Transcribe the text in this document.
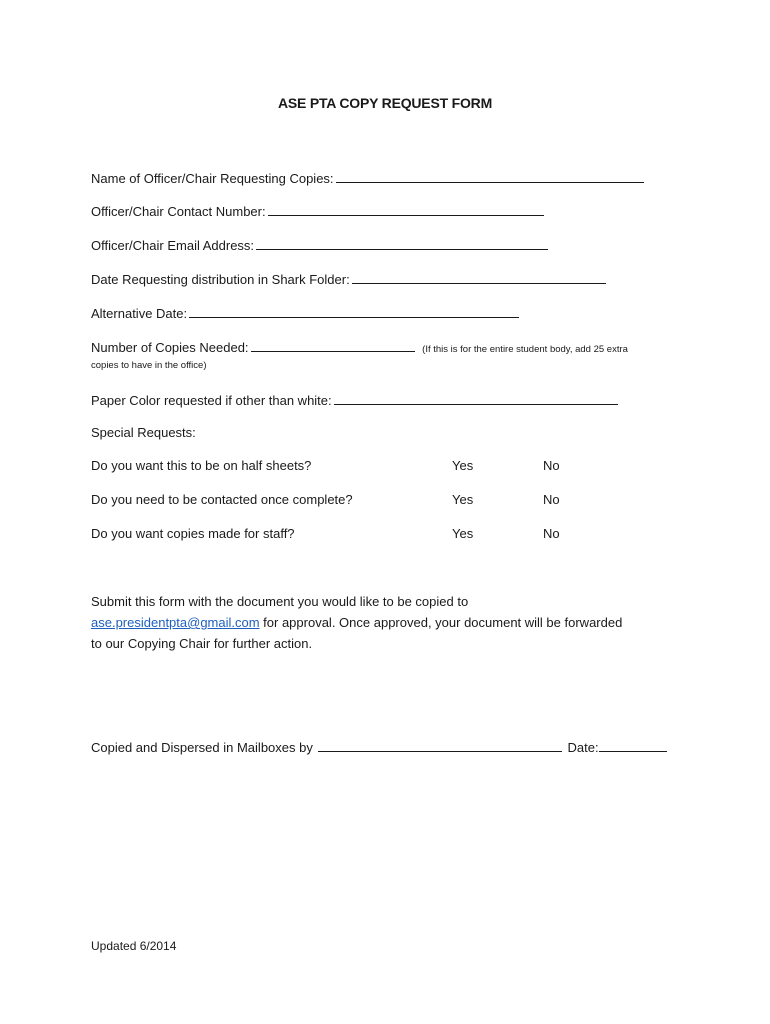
ASE PTA COPY REQUEST FORM
Name of Officer/Chair Requesting Copies:
Officer/Chair Contact Number:
Officer/Chair Email Address:
Date Requesting distribution in Shark Folder:
Alternative Date:
Number of Copies Needed:	(If this is for the entire student body, add 25 extra
copies to have in the office)
Paper Color requested if other than white:
Special Requests:
Do you want this to be on half sheets?	Yes	No
Do you need to be contacted once complete?	Yes	No
Do you want copies made for staff?	Yes	No
Submit this form with the document you would like to be copied to
ase.presidentpta@gmail.com for approval. Once approved, your document will be forwarded
to our Copying Chair for further action.
Copied and Dispersed in Mailboxes by	Date:
Updated 6/2014
